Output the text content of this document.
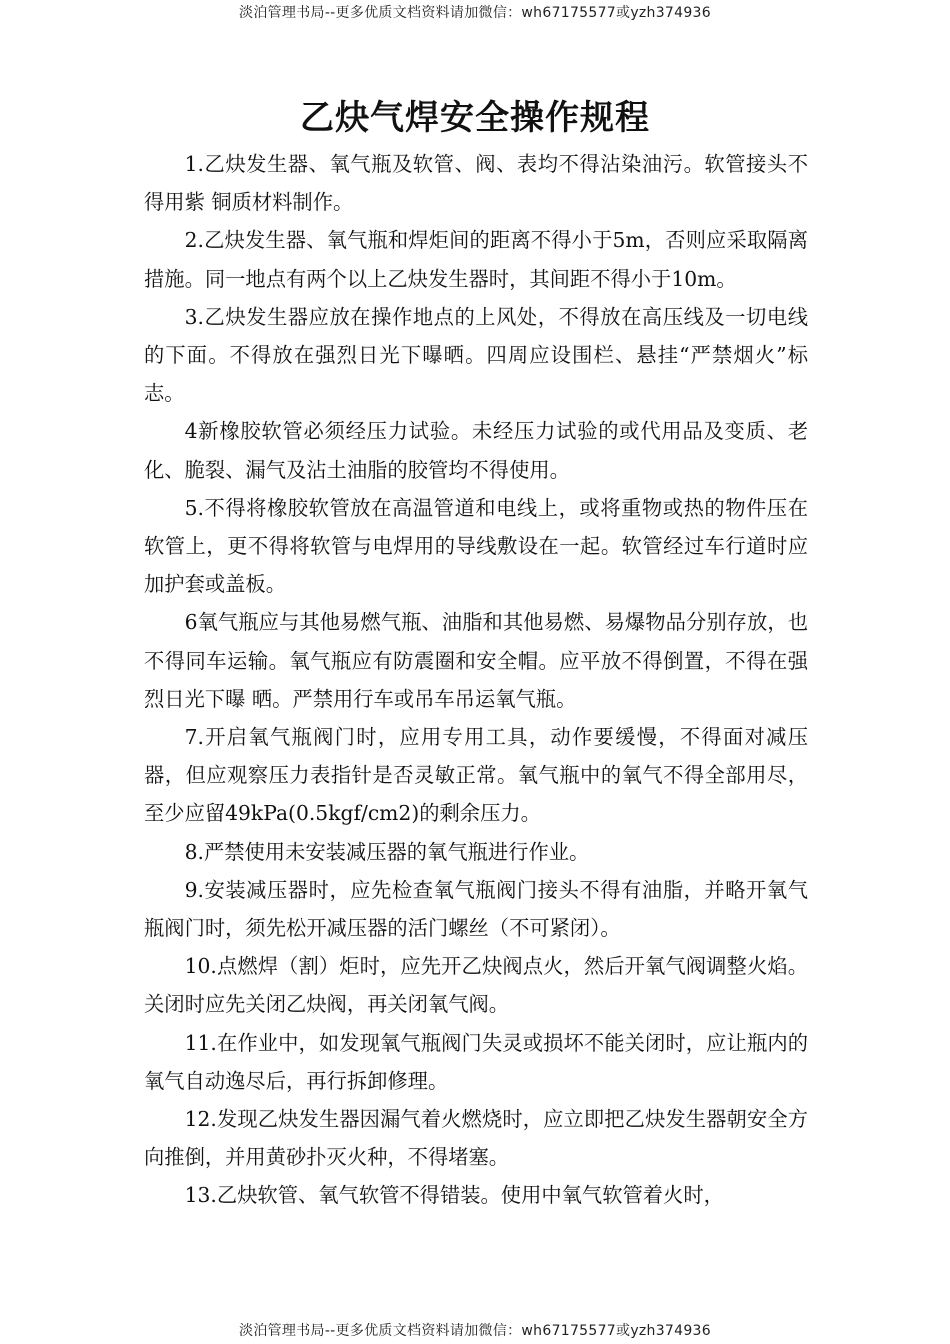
淡泊管理书局--更多优质文档资料请加微信：wh67175577或yzh374936
乙炔气焊安全操作规程

1.乙炔发生器、氧气瓶及软管、阀、表均不得沾染油污。软管接头不得用紫 铜质材料制作。

2.乙炔发生器、氧气瓶和焊炬间的距离不得小于5m，否则应采取隔离措施。同一地点有两个以上乙炔发生器时，其间距不得小于10m。

3.乙炔发生器应放在操作地点的上风处，不得放在高压线及一切电线的下面。不得放在强烈日光下曝晒。四周应设围栏、悬挂“严禁烟火”标志。

4新橡胶软管必须经压力试验。未经压力试验的或代用品及变质、老化、脆裂、漏气及沾土油脂的胶管均不得使用。

5.不得将橡胶软管放在高温管道和电线上，或将重物或热的物件压在软管上，更不得将软管与电焊用的导线敷设在一起。软管经过车行道时应加护套或盖板。

6氧气瓶应与其他易燃气瓶、油脂和其他易燃、易爆物品分别存放，也不得同车运输。氧气瓶应有防震圈和安全帽。应平放不得倒置，不得在强烈日光下曝 晒。严禁用行车或吊车吊运氧气瓶。

7.开启氧气瓶阀门时，应用专用工具，动作要缓慢，不得面对减压器，但应观察压力表指针是否灵敏正常。氧气瓶中的氧气不得全部用尽，至少应留49kPa(0.5kgf/cm2)的剩余压力。

8.严禁使用未安装减压器的氧气瓶进行作业。

9.安装减压器时，应先检查氧气瓶阀门接头不得有油脂，并略开氧气瓶阀门时，须先松开减压器的活门螺丝（不可紧闭）。

10.点燃焊（割）炬时，应先开乙炔阀点火，然后开氧气阀调整火焰。关闭时应先关闭乙炔阀，再关闭氧气阀。

11.在作业中，如发现氧气瓶阀门失灵或损坏不能关闭时，应让瓶内的氧气自动逸尽后，再行拆卸修理。

12.发现乙炔发生器因漏气着火燃烧时，应立即把乙炔发生器朝安全方向推倒，并用黄砂扑灭火种，不得堵塞。

13.乙炔软管、氧气软管不得错装。使用中氧气软管着火时，

淡泊管理书局--更多优质文档资料请加微信：wh67175577或yzh374936
